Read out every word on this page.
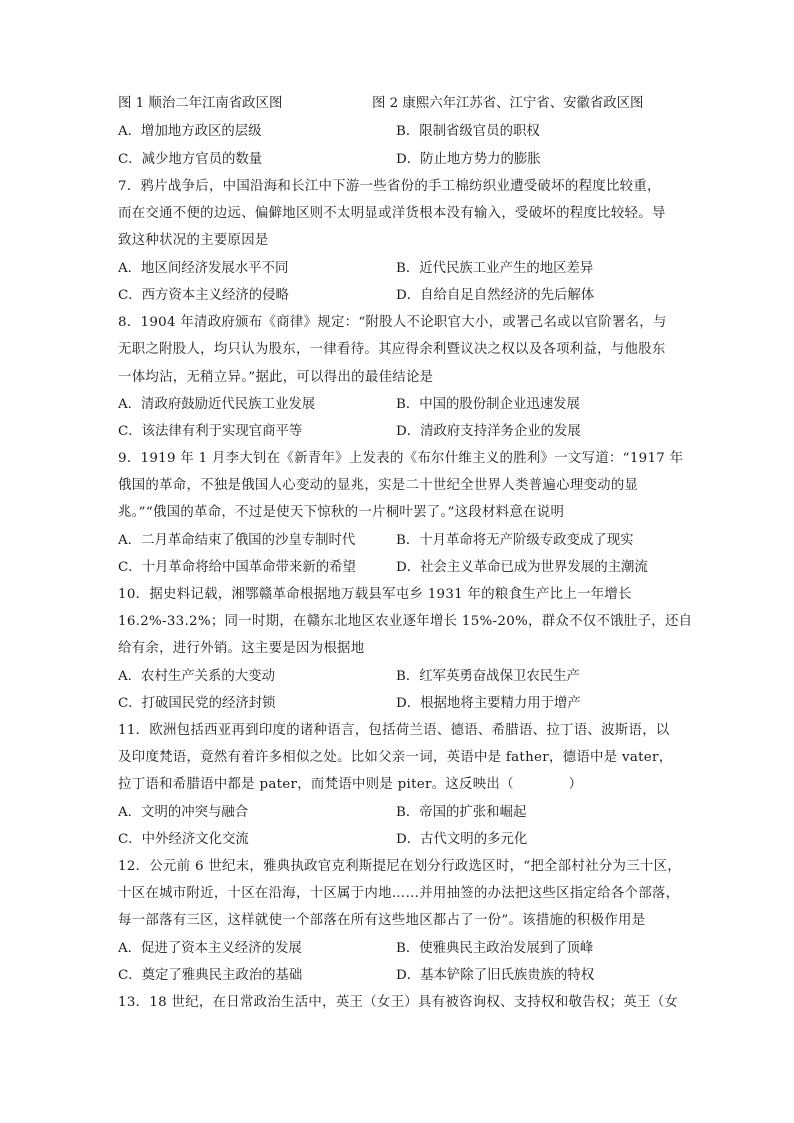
图 1 顺治二年江南省政区图	图 2 康熙六年江苏省、江宁省、安徽省政区图
A．增加地方政区的层级	B．限制省级官员的职权
C．减少地方官员的数量	D．防止地方势力的膨胀
7．鸦片战争后，中国沿海和长江中下游一些省份的手工棉纺织业遭受破坏的程度比较重，
而在交通不便的边远、偏僻地区则不太明显或洋货根本没有输入，受破坏的程度比较轻。导
致这种状况的主要原因是
A．地区间经济发展水平不同	B．近代民族工业产生的地区差异
C．西方资本主义经济的侵略	D．自给自足自然经济的先后解体
8．1904 年清政府颁布《商律》规定：“附股人不论职官大小，或署己名或以官阶署名，与
无职之附股人，均只认为股东，一律看待。其应得余利暨议决之权以及各项利益，与他股东
一体均沾，无稍立异。”据此，可以得出的最佳结论是
A．清政府鼓励近代民族工业发展	B．中国的股份制企业迅速发展
C．该法律有利于实现官商平等	D．清政府支持洋务企业的发展
9．1919 年 1 月李大钊在《新青年》上发表的《布尔什维主义的胜利》一文写道：“1917 年
俄国的革命，不独是俄国人心变动的显兆，实是二十世纪全世界人类普遍心理变动的显
兆。”“俄国的革命，不过是使天下惊秋的一片桐叶罢了。”这段材料意在说明
A．二月革命结束了俄国的沙皇专制时代	B．十月革命将无产阶级专政变成了现实
C．十月革命将给中国革命带来新的希望	D．社会主义革命已成为世界发展的主潮流
10．据史料记载，湘鄂赣革命根据地万载县军屯乡 1931 年的粮食生产比上一年增长
16.2%-33.2%；同一时期，在赣东北地区农业逐年增长 15%-20%，群众不仅不饿肚子，还自
给有余，进行外销。这主要是因为根据地
A．农村生产关系的大变动	B．红军英勇奋战保卫农民生产
C．打破国民党的经济封锁	D．根据地将主要精力用于增产
11．欧洲包括西亚再到印度的诸种语言，包括荷兰语、德语、希腊语、拉丁语、波斯语，以
及印度梵语，竟然有着许多相似之处。比如父亲一词，英语中是 father，德语中是 vater，
拉丁语和希腊语中都是 pater，而梵语中则是 piter。这反映出（　　　　）
A．文明的冲突与融合	B．帝国的扩张和崛起
C．中外经济文化交流	D．古代文明的多元化
12．公元前 6 世纪末，雅典执政官克利斯提尼在划分行政选区时，“把全部村社分为三十区，
十区在城市附近，十区在沿海，十区属于内地……并用抽签的办法把这些区指定给各个部落，
每一部落有三区，这样就使一个部落在所有这些地区都占了一份”。该措施的积极作用是
A．促进了资本主义经济的发展	B．使雅典民主政治发展到了顶峰
C．奠定了雅典民主政治的基础	D．基本铲除了旧氏族贵族的特权
13．18 世纪，在日常政治生活中，英王（女王）具有被咨询权、支持权和敬告权；英王（女
